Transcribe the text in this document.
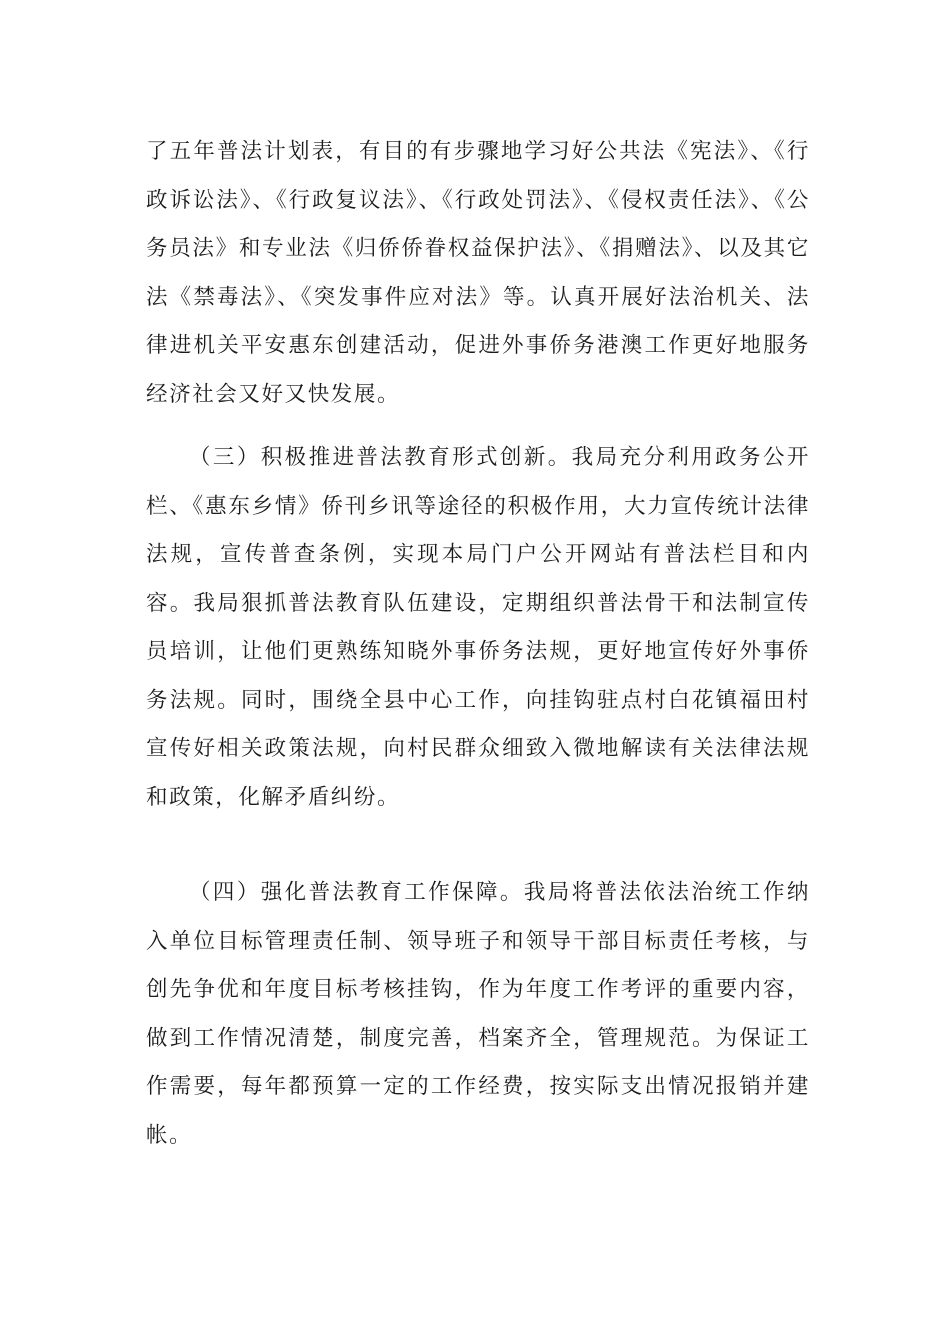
了五年普法计划表，有目的有步骤地学习好公共法《宪法》、《行政诉讼法》、《行政复议法》、《行政处罚法》、《侵权责任法》、《公务员法》和专业法《归侨侨眷权益保护法》、《捐赠法》、以及其它法《禁毒法》、《突发事件应对法》等。认真开展好法治机关、法律进机关平安惠东创建活动，促进外事侨务港澳工作更好地服务经济社会又好又快发展。

（三）积极推进普法教育形式创新。我局充分利用政务公开栏、《惠东乡情》侨刊乡讯等途径的积极作用，大力宣传统计法律法规，宣传普查条例，实现本局门户公开网站有普法栏目和内容。我局狠抓普法教育队伍建设，定期组织普法骨干和法制宣传员培训，让他们更熟练知晓外事侨务法规，更好地宣传好外事侨务法规。同时，围绕全县中心工作，向挂钩驻点村白花镇福田村宣传好相关政策法规，向村民群众细致入微地解读有关法律法规和政策，化解矛盾纠纷。

（四）强化普法教育工作保障。我局将普法依法治统工作纳入单位目标管理责任制、领导班子和领导干部目标责任考核，与创先争优和年度目标考核挂钩，作为年度工作考评的重要内容，做到工作情况清楚，制度完善，档案齐全，管理规范。为保证工作需要，每年都预算一定的工作经费，按实际支出情况报销并建帐。
